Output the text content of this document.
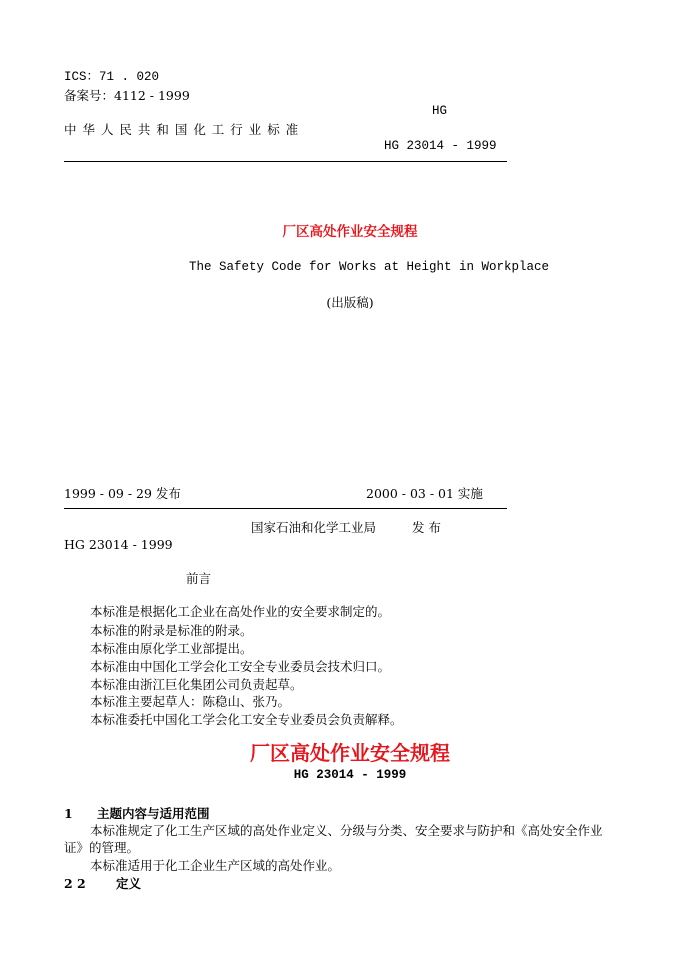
ICS：71 . 020
备案号：4112 - 1999
HG
中 华 人 民 共 和 国 化 工 行 业 标 准
HG 23014 - 1999
厂区高处作业安全规程
The Safety Code for Works at Height in Workplace
(出版稿)
1999 - 09 - 29 发布	2000 - 03 - 01 实施
国家石油和化学工业局	发 布
HG 23014 - 1999
前言
本标准是根据化工企业在高处作业的安全要求制定的。
本标准的附录是标准的附录。
本标准由原化学工业部提出。
本标准由中国化工学会化工安全专业委员会技术归口。
本标准由浙江巨化集团公司负责起草。
本标准主要起草人：陈稳山、张乃。
本标准委托中国化工学会化工安全专业委员会负责解释。
厂区高处作业安全规程
HG 23014 - 1999
1 主题内容与适用范围
本标准规定了化工生产区域的高处作业定义、分级与分类、安全要求与防护和《高处安全作业
证》的管理。
本标准适用于化工企业生产区域的高处作业。
2 2 定义
